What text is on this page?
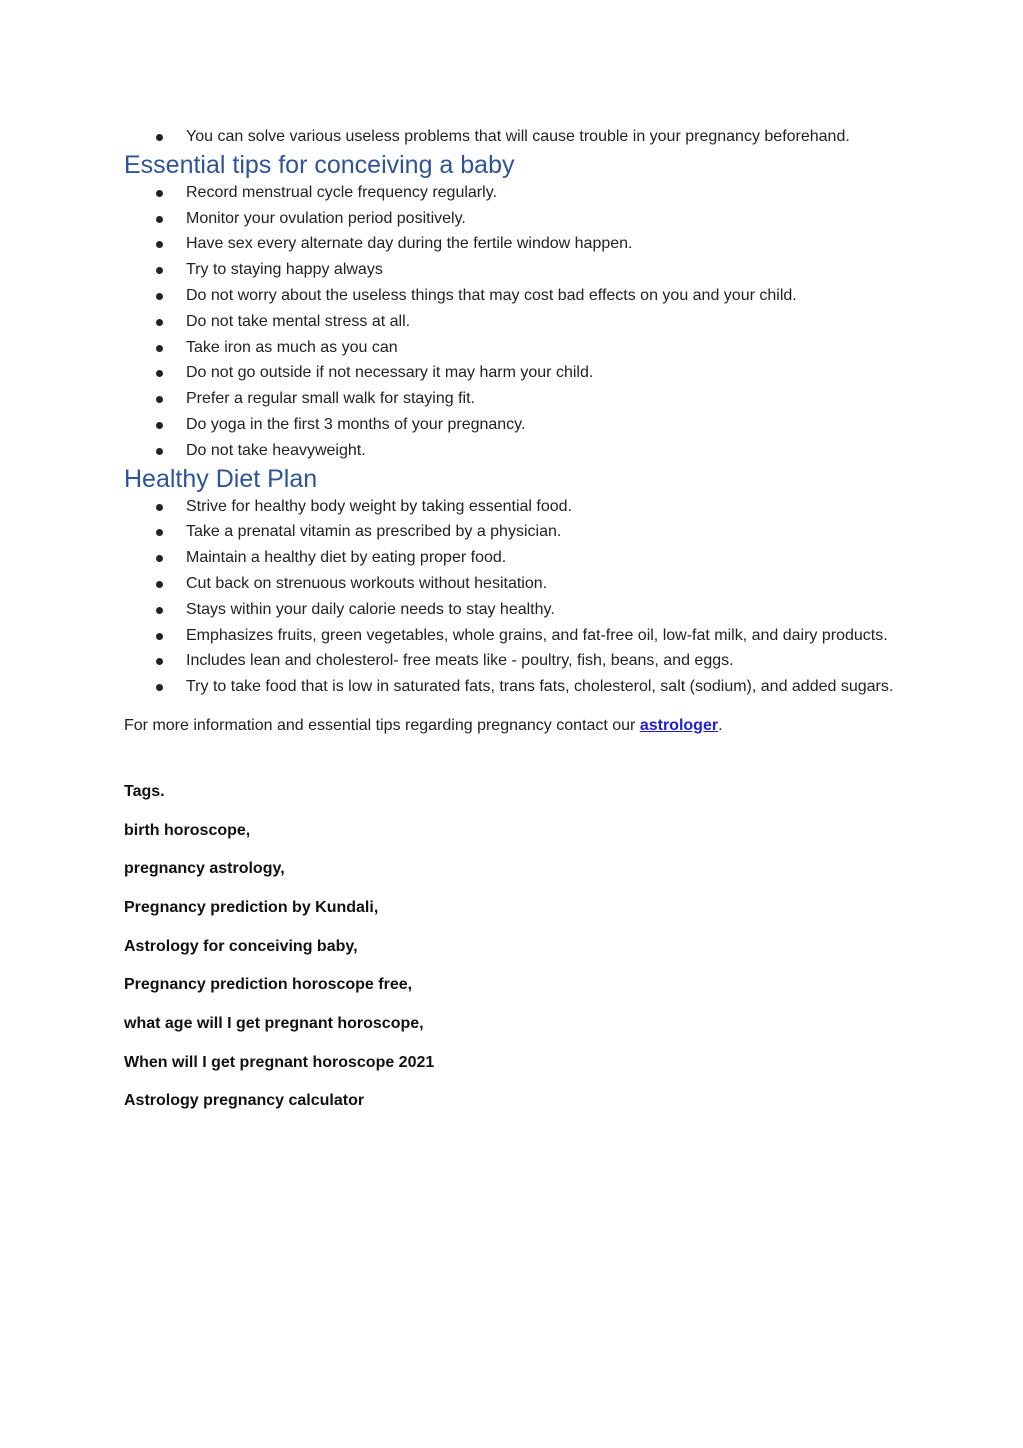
You can solve various useless problems that will cause trouble in your pregnancy beforehand.
Essential tips for conceiving a baby
Record menstrual cycle frequency regularly.
Monitor your ovulation period positively.
Have sex every alternate day during the fertile window happen.
Try to staying happy always
Do not worry about the useless things that may cost bad effects on you and your child.
Do not take mental stress at all.
Take iron as much as you can
Do not go outside if not necessary it may harm your child.
Prefer a regular small walk for staying fit.
Do yoga in the first 3 months of your pregnancy.
Do not take heavyweight.
Healthy Diet Plan
Strive for healthy body weight by taking essential food.
Take a prenatal vitamin as prescribed by a physician.
Maintain a healthy diet by eating proper food.
Cut back on strenuous workouts without hesitation.
Stays within your daily calorie needs to stay healthy.
Emphasizes fruits, green vegetables, whole grains, and fat-free oil, low-fat milk, and dairy products.
Includes lean and cholesterol- free meats like - poultry, fish, beans, and eggs.
Try to take food that is low in saturated fats, trans fats, cholesterol, salt (sodium), and added sugars.

For more information and essential tips regarding pregnancy contact our astrologer.

Tags.

birth horoscope,

pregnancy astrology,

Pregnancy prediction by Kundali,

Astrology for conceiving baby,

Pregnancy prediction horoscope free,

what age will I get pregnant horoscope,

When will I get pregnant horoscope 2021

Astrology pregnancy calculator
